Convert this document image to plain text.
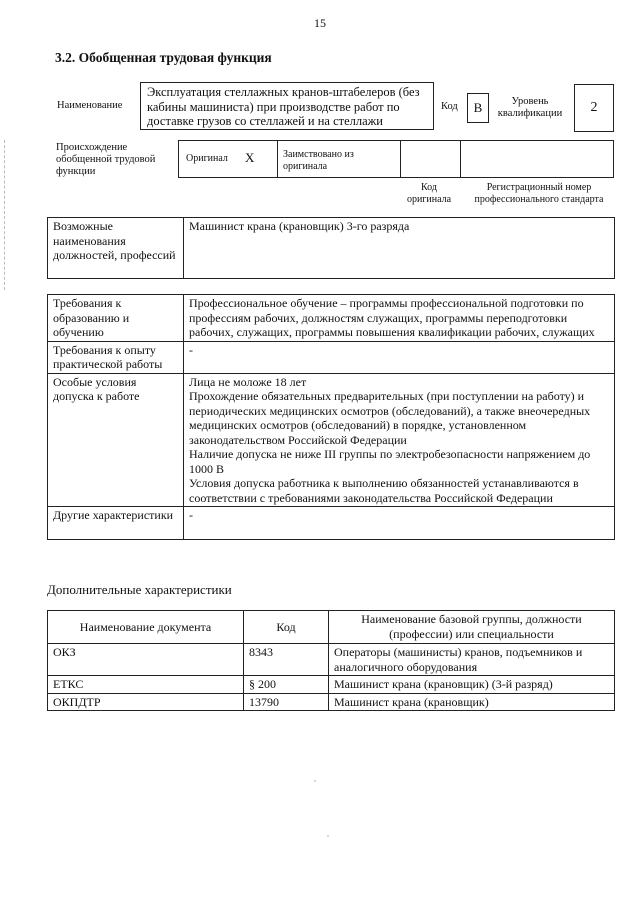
15
3.2. Обобщенная трудовая функция
Наименование
Эксплуатация стеллажных кранов-штабелеров (без кабины машиниста) при производстве работ по доставке грузов со стеллажей и на стеллажи
Код	B	Уровень квалификации	2
Происхождение обобщенной трудовой функции
Оригинал X	Заимствовано из оригинала
Код оригинала
Регистрационный номер профессионального стандарта
Возможные наименования должностей, профессий	Машинист крана (крановщик) 3-го разряда
Требования к образованию и обучению	Профессиональное обучение – программы профессиональной подготовки по профессиям рабочих, должностям служащих, программы переподготовки рабочих, служащих, программы повышения квалификации рабочих, служащих

Требования к опыту практической работы	-

Особые условия допуска к работе	Лица не моложе 18 лет
Прохождение обязательных предварительных (при поступлении на работу) и периодических медицинских осмотров (обследований), а также внеочередных медицинских осмотров (обследований) в порядке, установленном законодательством Российской Федерации
Наличие допуска не ниже III группы по электробезопасности напряжением до 1000 В
Условия допуска работника к выполнению обязанностей устанавливаются в соответствии с требованиями законодательства Российской Федерации

Другие характеристики	-
Дополнительные характеристики
Наименование документа	Код	Наименование базовой группы, должности (профессии) или специальности
ОКЗ	8343	Операторы (машинисты) кранов, подъемников и аналогичного оборудования
ЕТКС	§ 200	Машинист крана (крановщик) (3-й разряд)
ОКПДТР	13790	Машинист крана (крановщик)
